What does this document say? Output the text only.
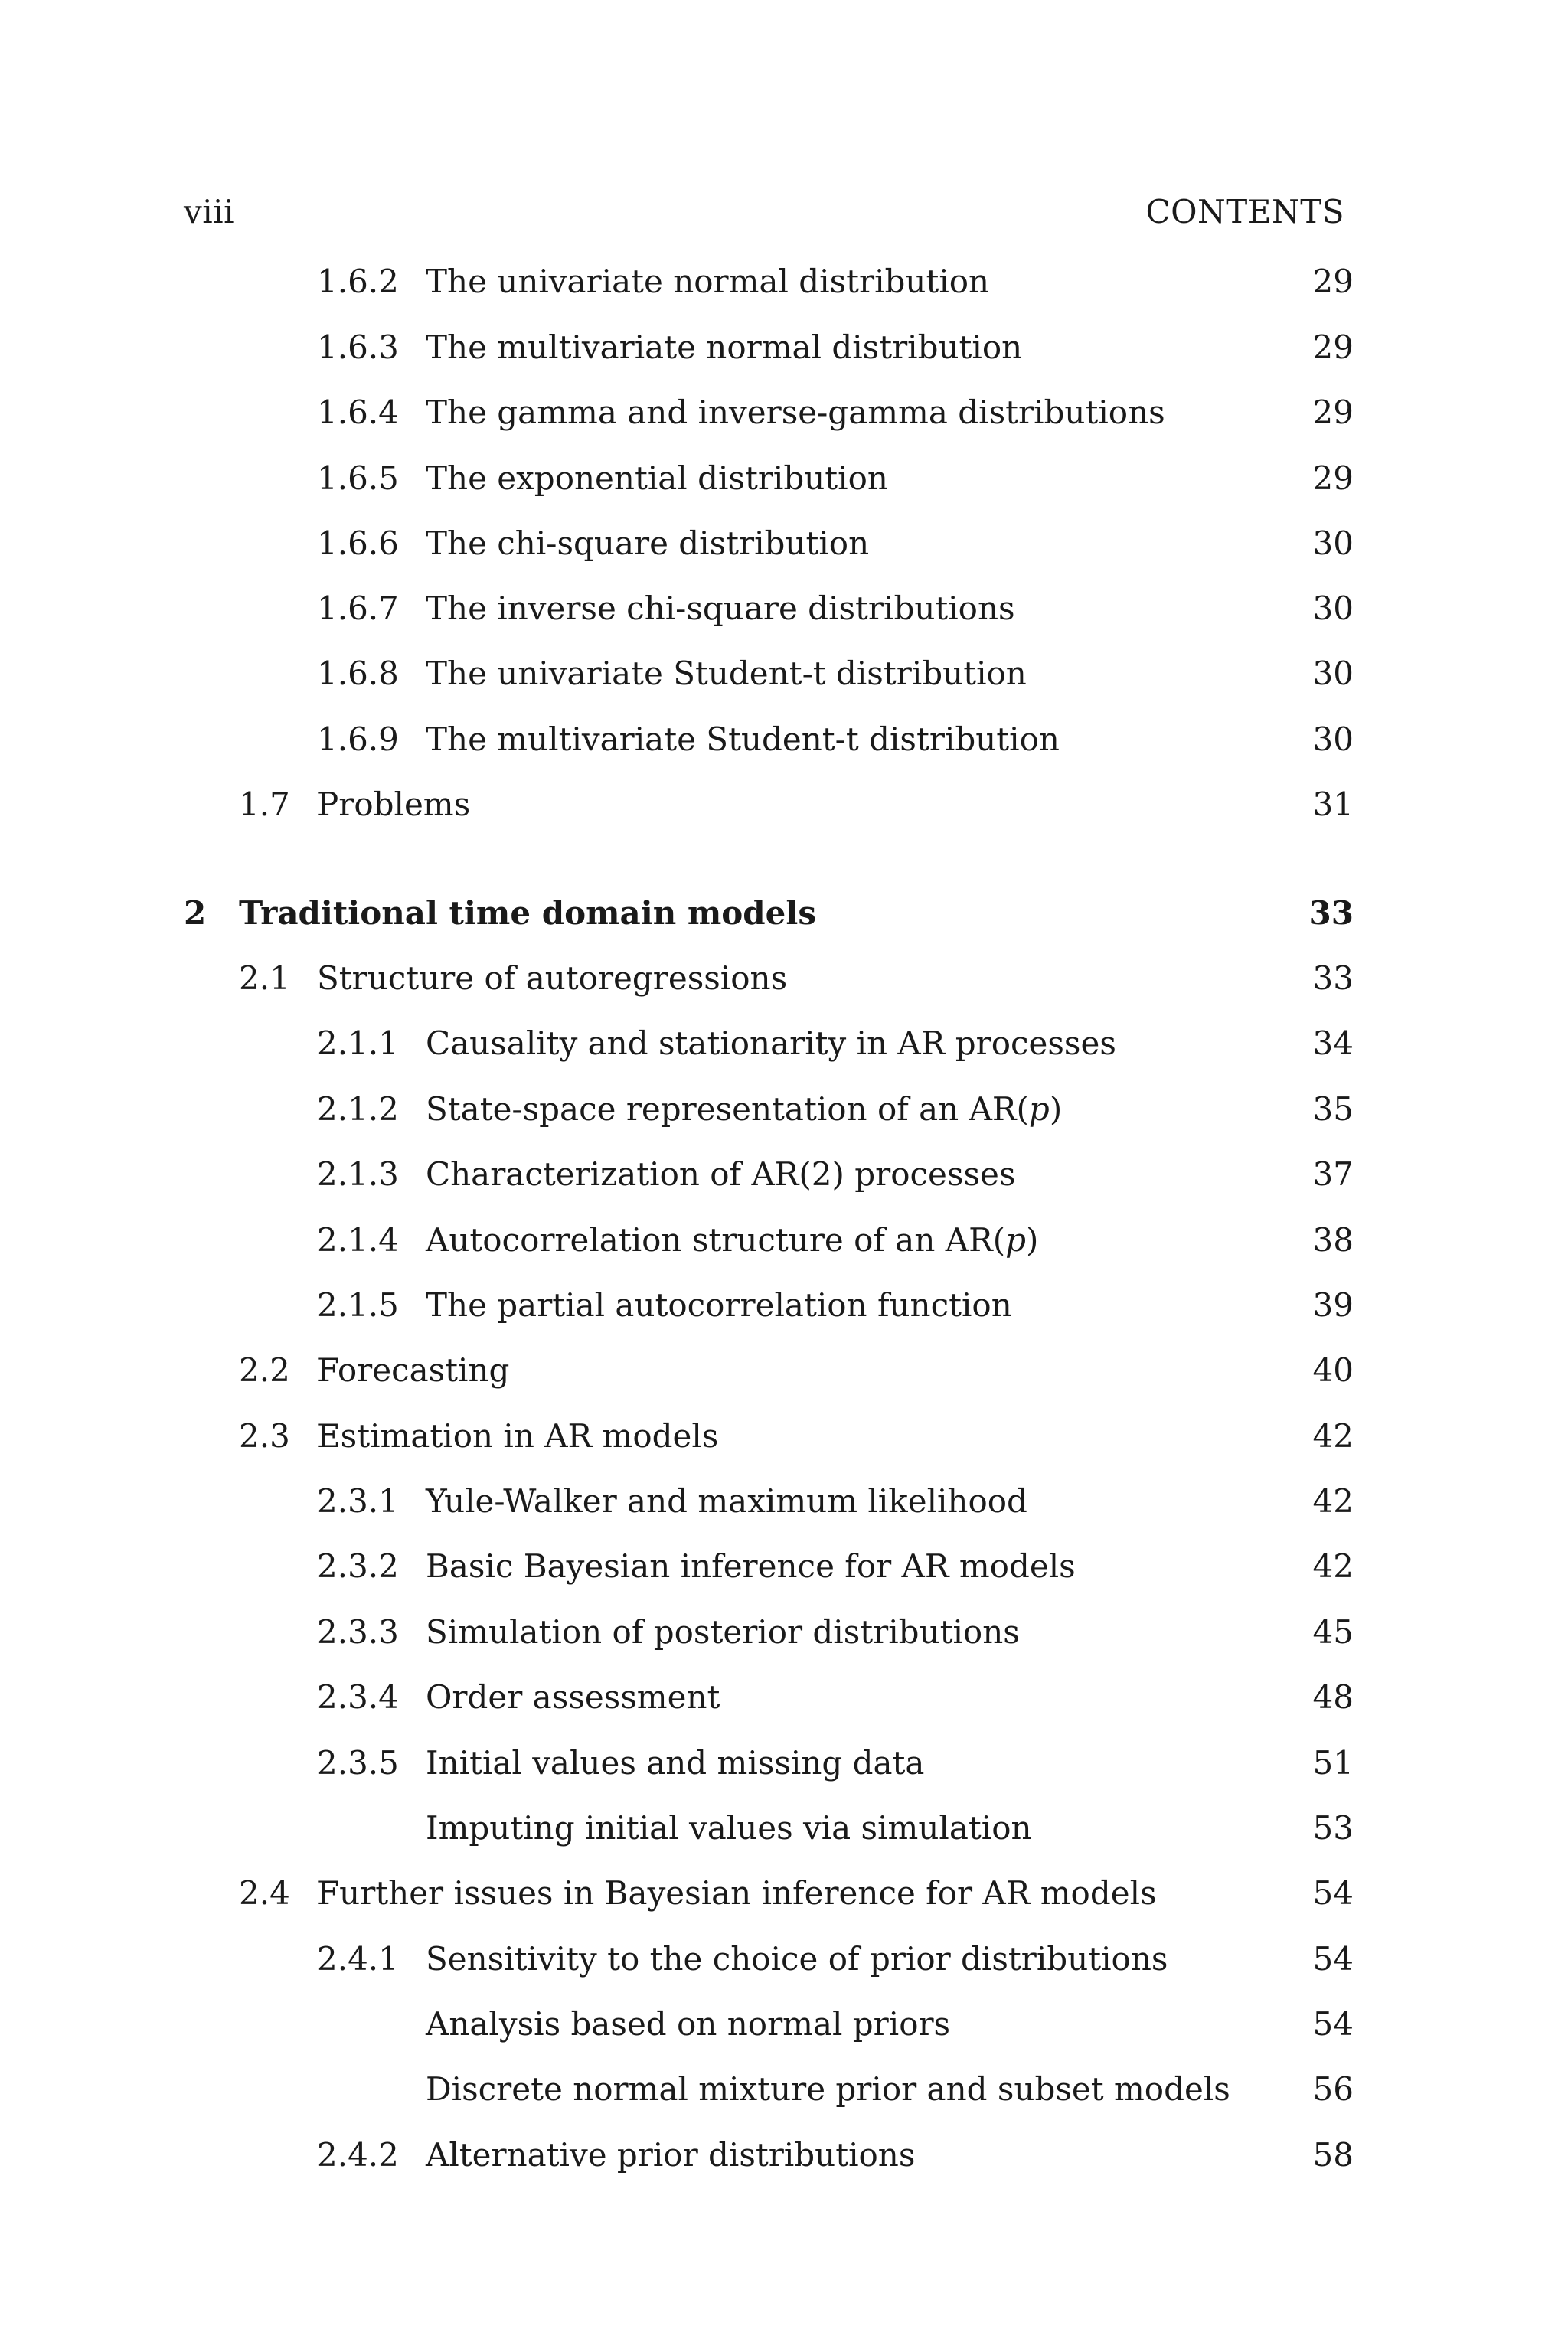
viii	CONTENTS
1.6.2 The univariate normal distribution	29
1.6.3 The multivariate normal distribution	29
1.6.4 The gamma and inverse-gamma distributions	29
1.6.5 The exponential distribution	29
1.6.6 The chi-square distribution	30
1.6.7 The inverse chi-square distributions	30
1.6.8 The univariate Student-t distribution	30
1.6.9 The multivariate Student-t distribution	30
1.7 Problems	31
2 Traditional time domain models	33
2.1 Structure of autoregressions	33
2.1.1 Causality and stationarity in AR processes	34
2.1.2 State-space representation of an AR(p)	35
2.1.3 Characterization of AR(2) processes	37
2.1.4 Autocorrelation structure of an AR(p)	38
2.1.5 The partial autocorrelation function	39
2.2 Forecasting	40
2.3 Estimation in AR models	42
2.3.1 Yule-Walker and maximum likelihood	42
2.3.2 Basic Bayesian inference for AR models	42
2.3.3 Simulation of posterior distributions	45
2.3.4 Order assessment	48
2.3.5 Initial values and missing data	51
Imputing initial values via simulation	53
2.4 Further issues in Bayesian inference for AR models	54
2.4.1 Sensitivity to the choice of prior distributions	54
Analysis based on normal priors	54
Discrete normal mixture prior and subset models	56
2.4.2 Alternative prior distributions	58
